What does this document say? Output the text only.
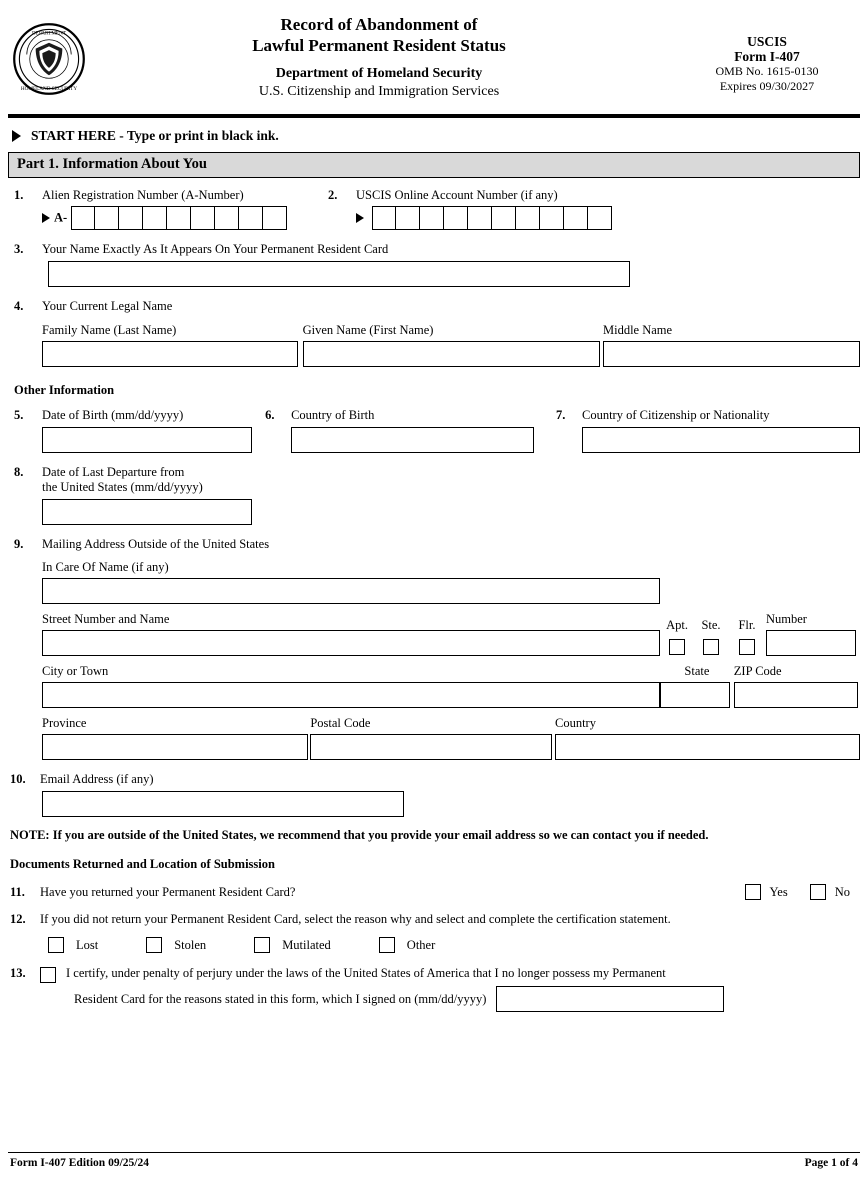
DEPARTMENT
HOMELAND SECURITY
Record of Abandonment of
Lawful Permanent Resident Status
Department of Homeland Security
U.S. Citizenship and Immigration Services
USCIS
Form I-407
OMB No. 1615-0130
Expires 09/30/2027
START HERE - Type or print in black ink.
Part 1. Information About You
1.	Alien Registration Number (A-Number)
A-
2.	USCIS Online Account Number (if any)

3.	Your Name Exactly As It Appears On Your Permanent Resident Card
4.	Your Current Legal Name
Family Name (Last Name)	Given Name (First Name)	Middle Name
Other Information
5.	Date of Birth (mm/dd/yyyy)	6.	Country of Birth	7.	Country of Citizenship or Nationality
8.	Date of Last Departure from
the United States (mm/dd/yyyy)
9.	Mailing Address Outside of the United States
In Care Of Name (if any)
Street Number and Name	Apt.	Ste.	Flr. Number
City or Town	State	ZIP Code
Province	Postal Code	Country
10.	Email Address (if any)
NOTE: If you are outside of the United States, we recommend that you provide your email address so we can contact you if needed.
Documents Returned and Location of Submission
11.	Have you returned your Permanent Resident Card?	Yes	No
12.	If you did not return your Permanent Resident Card, select the reason why and select and complete the certification statement.
Lost	Stolen	Mutilated	Other
13.	I certify, under penalty of perjury under the laws of the United States of America that I no longer possess my Permanent
Resident Card for the reasons stated in this form, which I signed on (mm/dd/yyyy)
Form I-407 Edition 09/25/24	Page 1 of 4
